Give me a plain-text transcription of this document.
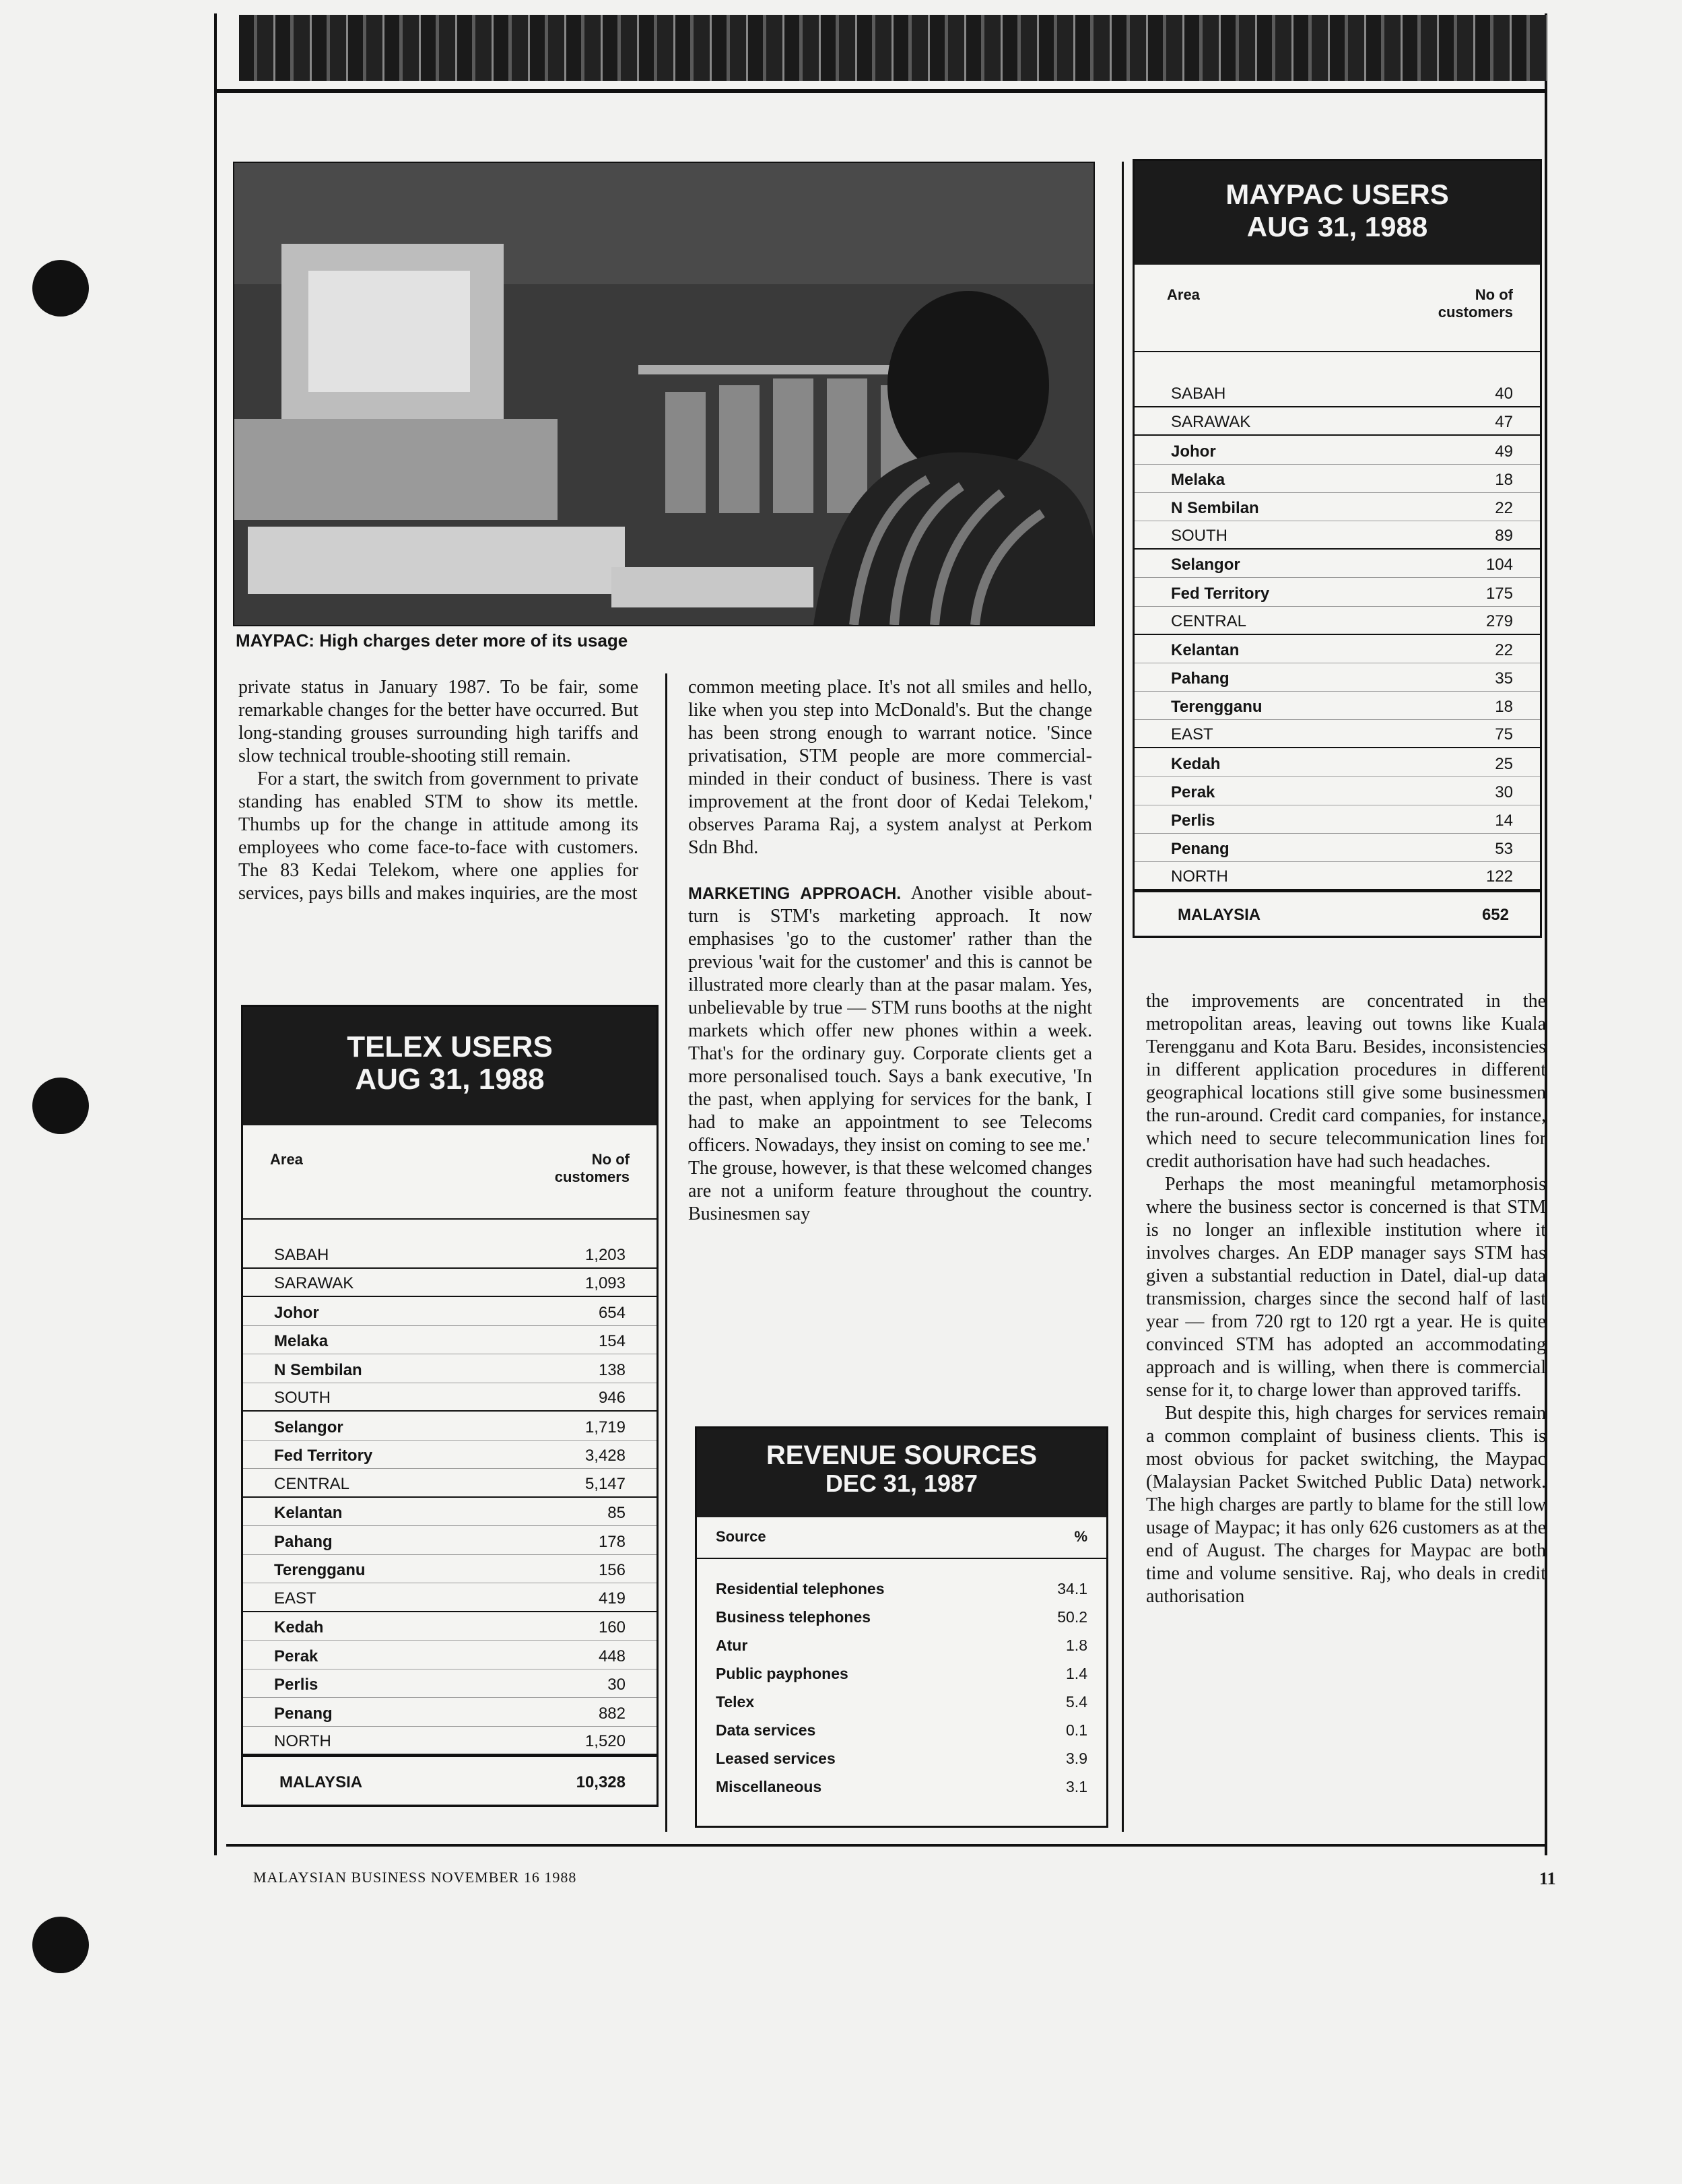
MAYPAC: High charges deter more of its usage

private status in January 1987. To be fair, some remarkable changes for the better have occurred. But long-standing grouses surrounding high tariffs and slow technical trouble-shooting still remain.

For a start, the switch from government to private standing has enabled STM to show its mettle. Thumbs up for the change in attitude among its employees who come face-to-face with customers. The 83 Kedai Telekom, where one applies for services, pays bills and makes inquiries, are the most

common meeting place. It's not all smiles and hello, like when you step into McDonald's. But the change has been strong enough to warrant notice. 'Since privatisation, STM people are more commercial-minded in their conduct of business. There is vast improvement at the front door of Kedai Telekom,' observes Parama Raj, a system analyst at Perkom Sdn Bhd.

MARKETING APPROACH. Another visible about-turn is STM's marketing approach. It now emphasises 'go to the customer' rather than the previous 'wait for the customer' and this is cannot be illustrated more clearly than at the pasar malam. Yes, unbelievable by true — STM runs booths at the night markets which offer new phones within a week. That's for the ordinary guy. Corporate clients get a more personalised touch. Says a bank executive, 'In the past, when applying for services for the bank, I had to make an appointment to see Telecoms officers. Nowadays, they insist on coming to see me.'

The grouse, however, is that these welcomed changes are not a uniform feature throughout the country. Businesmen say

the improvements are concentrated in the metropolitan areas, leaving out towns like Kuala Terengganu and Kota Baru. Besides, inconsistencies in different application procedures in different geographical locations still give some businessmen the run-around. Credit card companies, for instance, which need to secure telecommunication lines for credit authorisation have had such headaches.

Perhaps the most meaningful metamorphosis where the business sector is concerned is that STM is no longer an inflexible institution where it involves charges. An EDP manager says STM has given a substantial reduction in Datel, dial-up data transmission, charges since the second half of last year — from 720 rgt to 120 rgt a year. He is quite convinced STM has adopted an accommodating approach and is willing, when there is commercial sense for it, to charge lower than approved tariffs.

But despite this, high charges for services remain a common complaint of business clients. This is most obvious for packet switching, the Maypac (Malaysian Packet Switched Public Data) network. The high charges are partly to blame for the still low usage of Maypac; it has only 626 customers as at the end of August. The charges for Maypac are both time and volume sensitive. Raj, who deals in credit authorisation

TELEX USERS
AUG 31, 1988
Area	No of customers
SABAH	1,203
SARAWAK	1,093
Johor	654
Melaka	154
N Sembilan	138
SOUTH	946
Selangor	1,719
Fed Territory	3,428
CENTRAL	5,147
Kelantan	85
Pahang	178
Terengganu	156
EAST	419
Kedah	160
Perak	448
Perlis	30
Penang	882
NORTH	1,520
MALAYSIA	10,328
REVENUE SOURCES
DEC 31, 1987
Source	%
Residential telephones	34.1
Business telephones	50.2
Atur	1.8
Public payphones	1.4
Telex	5.4
Data services	0.1
Leased services	3.9
Miscellaneous	3.1
MAYPAC USERS
AUG 31, 1988
Area	No of customers
SABAH	40
SARAWAK	47
Johor	49
Melaka	18
N Sembilan	22
SOUTH	89
Selangor	104
Fed Territory	175
CENTRAL	279
Kelantan	22
Pahang	35
Terengganu	18
EAST	75
Kedah	25
Perak	30
Perlis	14
Penang	53
NORTH	122
MALAYSIA	652
MALAYSIAN BUSINESS NOVEMBER 16 1988	11
